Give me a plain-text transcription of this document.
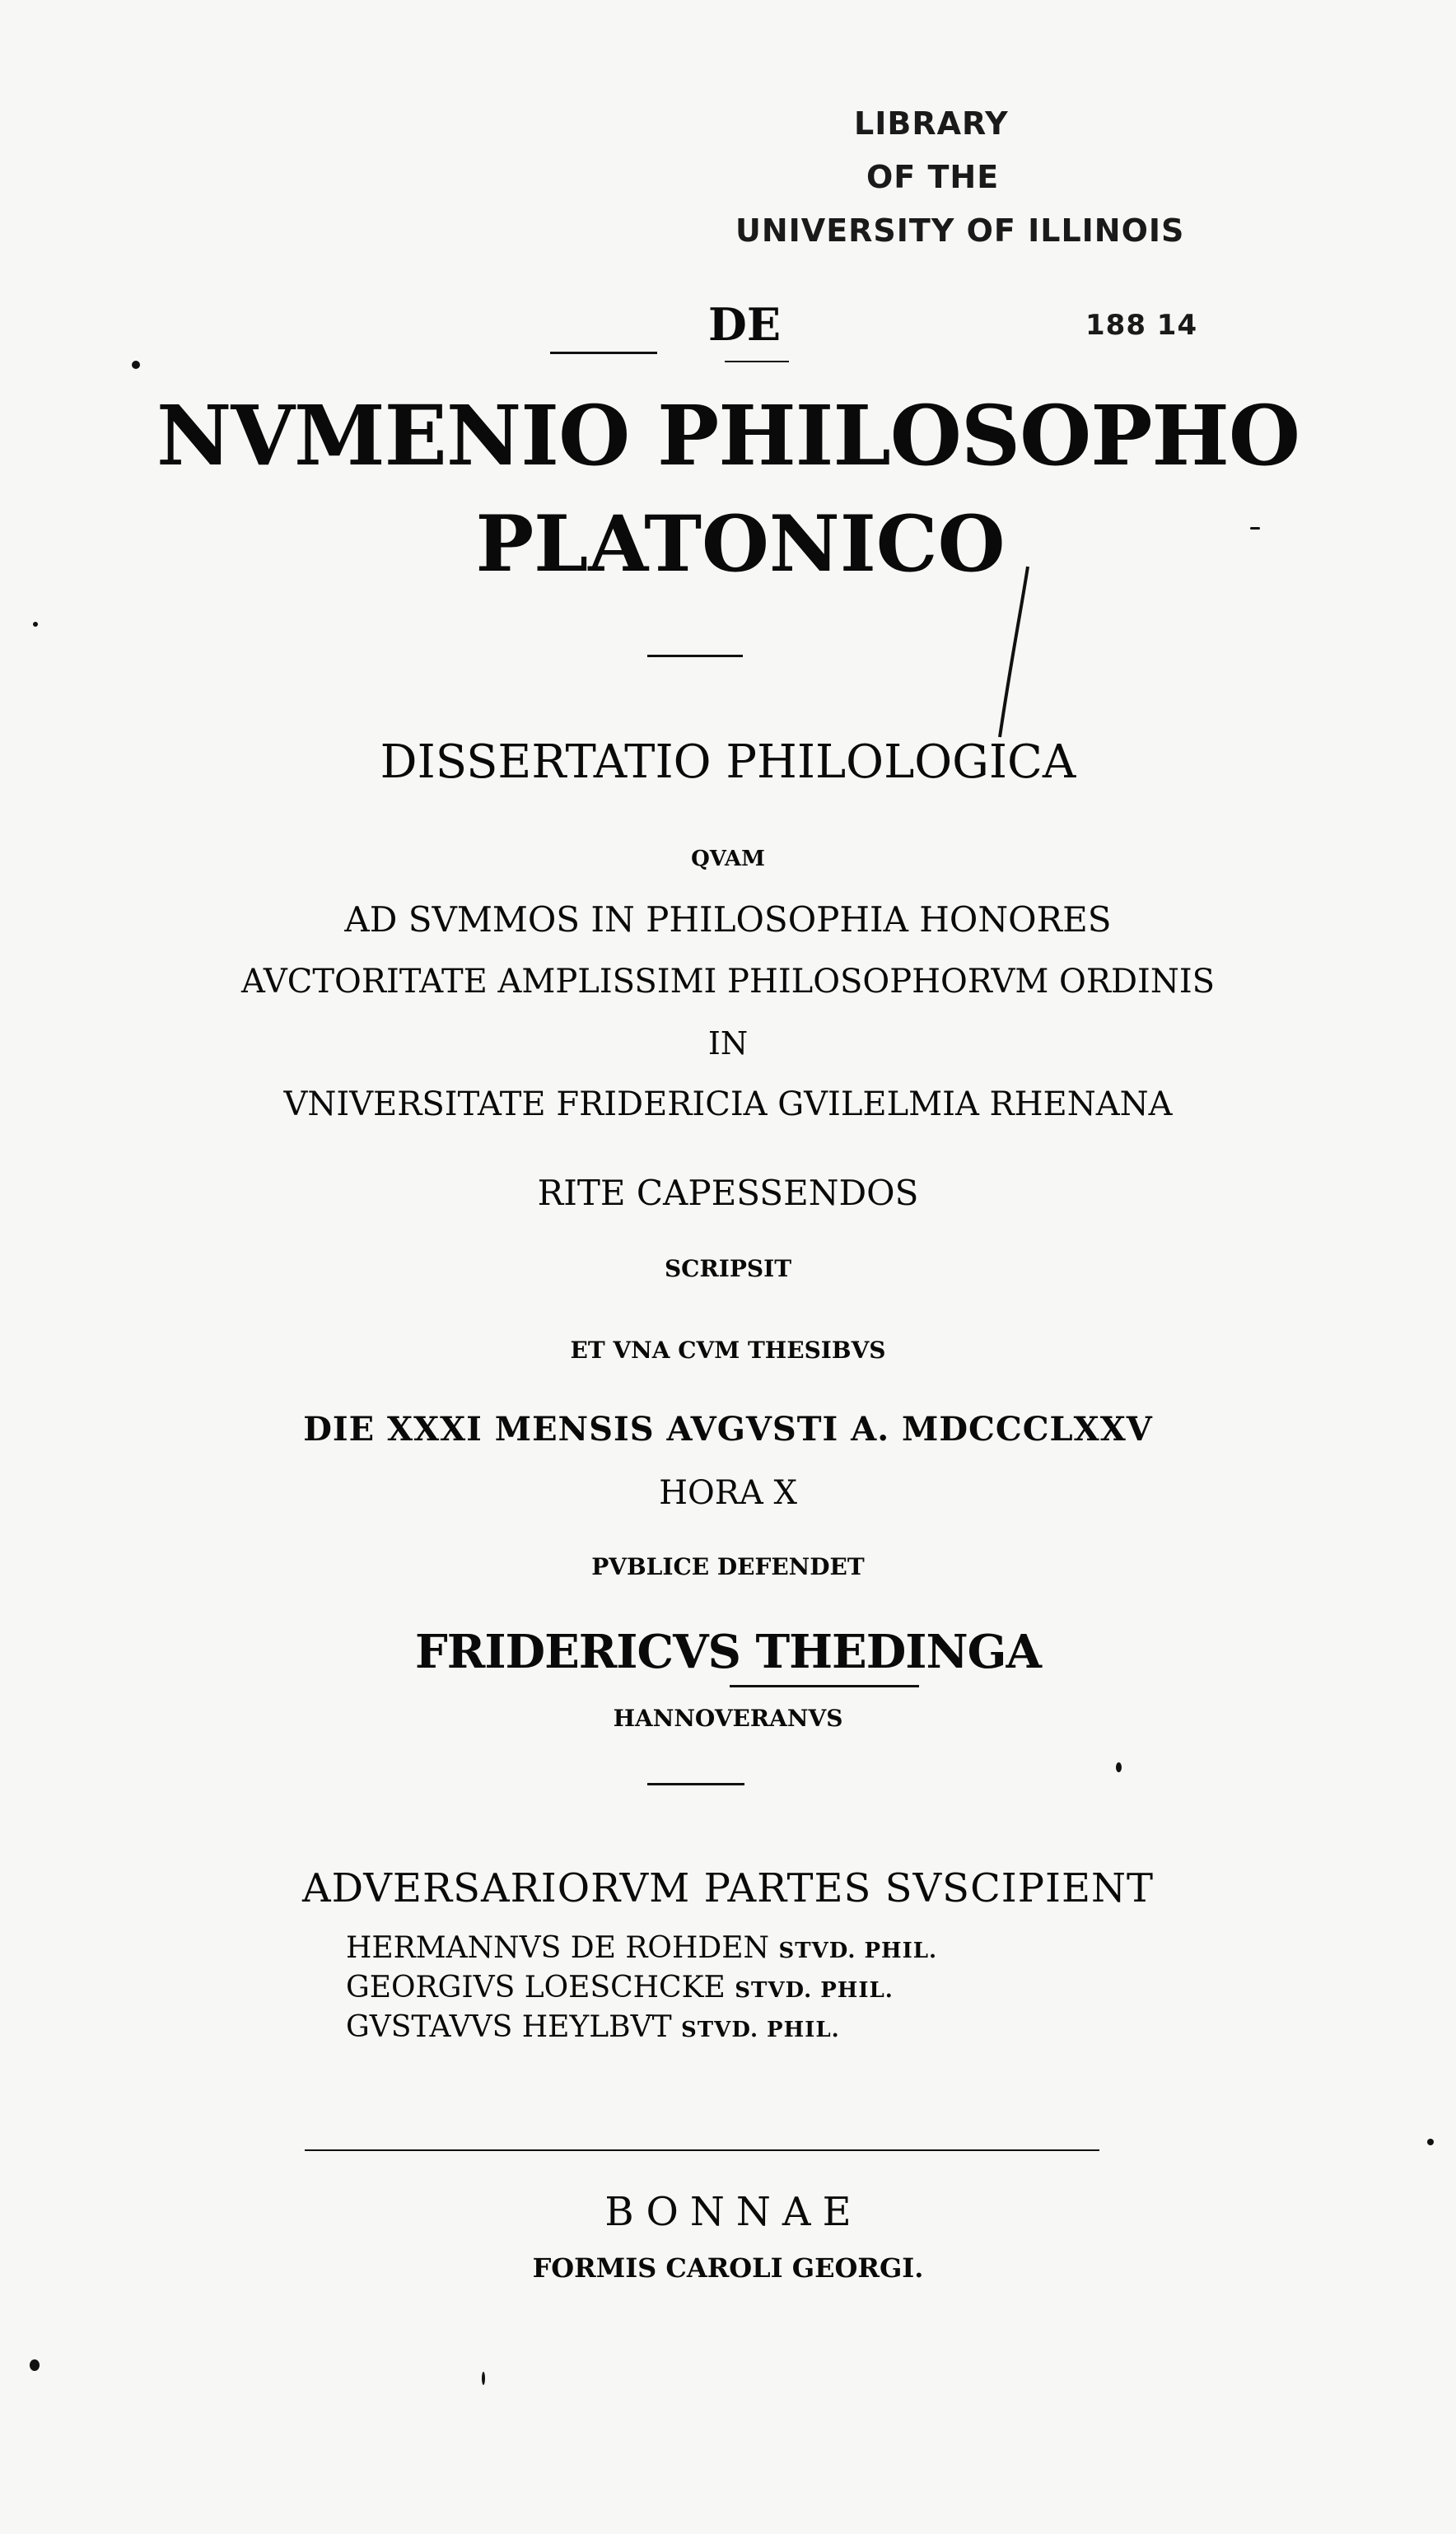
LIBRARY
OF THE
UNIVERSITY OF ILLINOIS
188 14
DE
NVMENIO PHILOSOPHO
PLATONICO
DISSERTATIO PHILOLOGICA
QVAM
AD SVMMOS IN PHILOSOPHIA HONORES
AVCTORITATE AMPLISSIMI PHILOSOPHORVM ORDINIS
IN
VNIVERSITATE FRIDERICIA GVILELMIA RHENANA
RITE CAPESSENDOS
SCRIPSIT
ET VNA CVM THESIBVS
DIE XXXI MENSIS AVGVSTI A. MDCCCLXXV
HORA X
PVBLICE DEFENDET
FRIDERICVS THEDINGA
HANNOVERANVS
ADVERSARIORVM PARTES SVSCIPIENT
HERMANNVS DE ROHDEN STVD. PHIL.
GEORGIVS LOESCHCKE STVD. PHIL.
GVSTAVVS HEYLBVT STVD. PHIL.
BONNAE
FORMIS CAROLI GEORGI.
